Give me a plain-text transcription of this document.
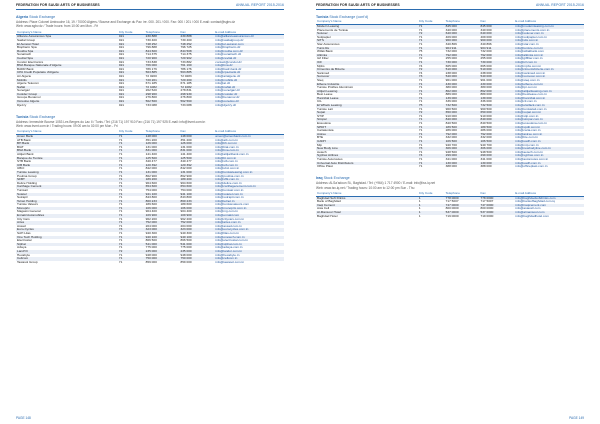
FEDERATION FOR SAUDI ARTS OF BUSINESSES	ANNUAL REPORT 2015-2016
Algeria Stock Exchange
Address: Place Colonel Amirouche 16, 19 / 70000 Algiers / Bourse and Exchange du Pav. ire. 000. 201 / 000. Fax: 000 / 201 / 000 E-mail: contact@sgbv.dz
Web: www.sgbv.dz / Trade hours: from 10:00 am Mon - Fri
Company's Name	City Code	Telephone	Fax	E-mail Address
Alliance Assurances Spa	021	230 888	230 888	info@allianceassurances.dz
Saidal Group	021	730 400	730 400	info@saidalgroup.dz
El Aurassi Hotel	021	748 252	748 252	info@el-aurassi.com
Biopharm Spa	021	796 888	796 725	info@biopharm.dz
Rouiba Spa	021	844 600	844 508	info@rouiba.com.dz
Sonatrach	021	714 375	714 375	info@sonatrach.dz
Cevital Spa	021	720 900	720 902	info@cevital.dz
Condor Electronics	021	733 838	733 882	contact@condor.dz
BNA Banque Nationale d'Algerie	021	766 000	761 160	info@bna.dz
BADR Bank	021	786 176	786 176	info@badr-bank.dz
CPA Credit Populaire d'Algerie	021	563 885	563 885	info@cpa-bank.dz
Air Algerie	021	72 0200	72 0283	info@airalgerie.dz
Mobilis	021	720 201	720 200	info@mobilis.dz
Algerie Telecom	021	671 185	671 185	info@at.dz
Naftal	021	72 1082	72 1082	info@naftal.dz
Sonelgaz	021	262 520	278 831	info@sonelgaz.dz
Cosider Group	021	298 960	298 930	info@cosider.dz
Groupe Benamor	021	276 800	276 800	info@benamor.dz
Ooredoo Algerie	021	562 560	562 560	info@ooredoo.dz
Djezzy	021	733 088	733 088	info@djezzy.dz
Tunisia Stock Exchange
Address: Immeuble Bourse 1053 Les Berges du Lac II / Tunis / Tel: (216 71) 197 910 Fax: (216 71) 197 925 E-mail: info@bvmt.com.tn
Web: www.bvmt.com.tn / Trading hours: 09:00 am to 02:00 pm Mon - Fri
Company's Name	City Code	Telephone	Fax	E-mail Address
Amen Bank	71	148 000	148 000	amen@amenbank.com.tn
ATB Bank	71	351 200	351 200	info@atb.com.tn
BH Bank	71	126 000	126 000	info@bh.com.tn
BIAT	71	131 000	131 000	info@biat.com.tn
BNA Bank	71	831 000	831 000	info@bna.com.tn
Attijari Bank	71	141 400	141 400	info@attijaribank.com.tn
Banque de Tunisie	71	125 500	125 500	info@bt.com.tn
STB Bank	71	340 477	340 477	info@stb.com.tn
UIB Bank	71	120 392	120 392	info@uib.com.tn
UBCI	71	842 000	842 000	info@ubci.com.tn
Tunisie Leasing	71	131 000	131 000	info@tunisieleasing.com.tn
Poulina Group	71	862 900	862 900	info@poulina.com.tn
SFBT	71	189 200	189 200	info@sfbt.com.tn
Delice Holding	71	964 600	964 600	info@delice.com.tn
Carthage Cement	71	654 600	654 600	info@carthagecement.com.tn
Tunisair	71	754 000	754 000	info@tunisair.com.tn
Sotetel	71	941 100	941 100	info@sotetel.com.tn
Sotrapil	71	843 800	843 800	info@sotrapil.com.tn
Telnet Holding	71	860 233	860 233	info@telnet.tn
Tunisie Valeurs	71	189 600	189 600	info@tunisievaleurs.com
Monoprix	71	106 000	106 000	info@monoprix.com.tn
Magasin General	71	904 400	904 400	info@mg.com.tn
Ennakl Automobiles	71	109 900	109 900	info@ennakl.com
City Cars	71	962 200	962 200	info@citycars.com.tn
Artes	71	752 000	752 000	info@artes.com.tn
Assad	71	204 000	204 000	info@assad.com.tn
Euro-Cycles	73	323 000	323 000	info@eurocycles.com.tn
SAH Lilas	71	940 300	940 300	info@lilas.com.tn
One Tech Holding	71	940 100	940 100	info@onetech.com.tn
Electrostar	71	866 500	866 500	info@electrostar.com.tn
Siphat	71	541 000	541 000	info@siphat.com.tn
Adwya	71	775 000	775 000	info@adwya.com.tn
Land'Or	72	235 000	235 000	info@landor.com.tn
Hexabyte	71	948 000	948 000	info@hexabyte.tn
Cellcom	71	750 000	750 000	info@cellcom.tn
Tawasol Group	71	859 000	859 000	info@tawasol.com.tn
PAGE 148
FEDERATION FOR SAUDI ARTS OF BUSINESSES	ANNUAL REPORT 2015-2016
Tunisia Stock Exchange (cont'd)
Company's Name	City Code	Telephone	Fax	E-mail Address
Modern Leasing	71	845 000	845 000	info@modernleasing.com.tn
Placements de Tunisie	71	340 000	340 000	info@placements.com.tn
Sotuver	72	640 000	640 000	info@sotuver.com.tn
Sotipapier	71	409 000	409 000	info@sotipapier.com.tn
SITS	71	960 000	960 000	info@sits.com.tn
Star Assurances	71	340 866	340 866	info@star.com.tn
Tunis Re	71	904 911	904 911	info@tunisre.com.tn
Wifak Bank	75	732 000	732 000	info@wifakbank.com
Alkimia	71	792 000	792 000	info@alkimia.com.tn
Gif Filter	72	255 000	255 000	info@giffilter.com.tn
ICF	71	730 000	730 000	info@icf.com.tn
Mpbs	74	665 000	665 000	info@mpbs.com.tn
Cimentss de Bizerte	72	510 000	510 000	info@cimentsbizerte.com.tn
Sanimed	74	238 000	238 000	info@sanimed.com.tn
Somocer	73	540 000	540 000	info@somocer.com.tn
Steq	71	961 000	961 000	info@steq.com.tn
Elbene Industrie	71	430 000	430 000	info@elbene.com.tn
Tunisie Profiles Aluminium	71	380 000	380 000	info@tpr.com.tn
Attijari Leasing	71	862 000	862 000	info@attijarileasing.com.tn
Best Lease	71	889 000	889 000	info@bestlease.com.tn
Hannibal Lease	71	139 000	139 000	info@hannibal.com.tn
CIL	71	336 000	336 000	info@cil.com.tn
El Wifack Leasing	75	732 500	732 500	info@elwifack.com.tn
Tunisie Lait	71	960 500	960 500	info@tunisielait.com.tn
Sopat	72	650 000	650 000	info@sopat.com.tn
STIP	71	910 000	910 000	info@stip.com.tn
Simpar	71	840 000	840 000	info@simpar.com.tn
Essoukna	71	840 500	840 500	info@essoukna.com.tn
SPDIT	71	189 500	189 500	info@spdit.com.tn
Cartatunisia	71	286 000	286 000	info@carta.com.tn
Astree	71	792 000	792 000	info@astree.com.tn
BTE	71	332 000	332 000	info@bte.com.tn
UADH	71	106 500	106 500	info@uadh.com.tn
Mip	71	940 700	940 700	info@mip.com.tn
New Body Line	73	306 000	306 000	info@newbodyline.com.tn
Aetech	71	948 500	948 500	info@aetech.com.tn
Syphax Airlines	74	299 000	299 000	info@syphax.com.tn
Tunisie Autoroutes	71	341 000	341 000	info@autoroutes.com.tn
Universal Auto Distributors	71	130 000	130 000	info@uadh.com.tn
Office Plast	71	388 000	388 000	info@officeplast.com.tn
Iraq Stock Exchange
Address: Al-Sa'adoun St., Baghdad / Tel: (+964) 1 717 4900 / E-mail: info@isx-iq.net
Web: www.isx-iq.net / Trading hours: 10:00 am to 12:00 pm Sun - Thu
Company's Name	City Code	Telephone	Fax	E-mail Address
Baghdad Soft Drinks	1	778 0000	778 0000	info@baghdadsoftdrinks.com
Bank of Baghdad	1	717 5007	717 5007	info@bankofbaghdad.com.iq
Iraqi Cement	1	747 0000	747 0000	info@iraqicement.com
Asia Cell	1	800 0000	800 0000	info@asiacell.com
Al-Mansour Hotel	1	537 0000	537 0000	info@almansour.com
Baghdad Hotel	1	719 0000	719 0000	info@baghdadhotel.com
PAGE 149
